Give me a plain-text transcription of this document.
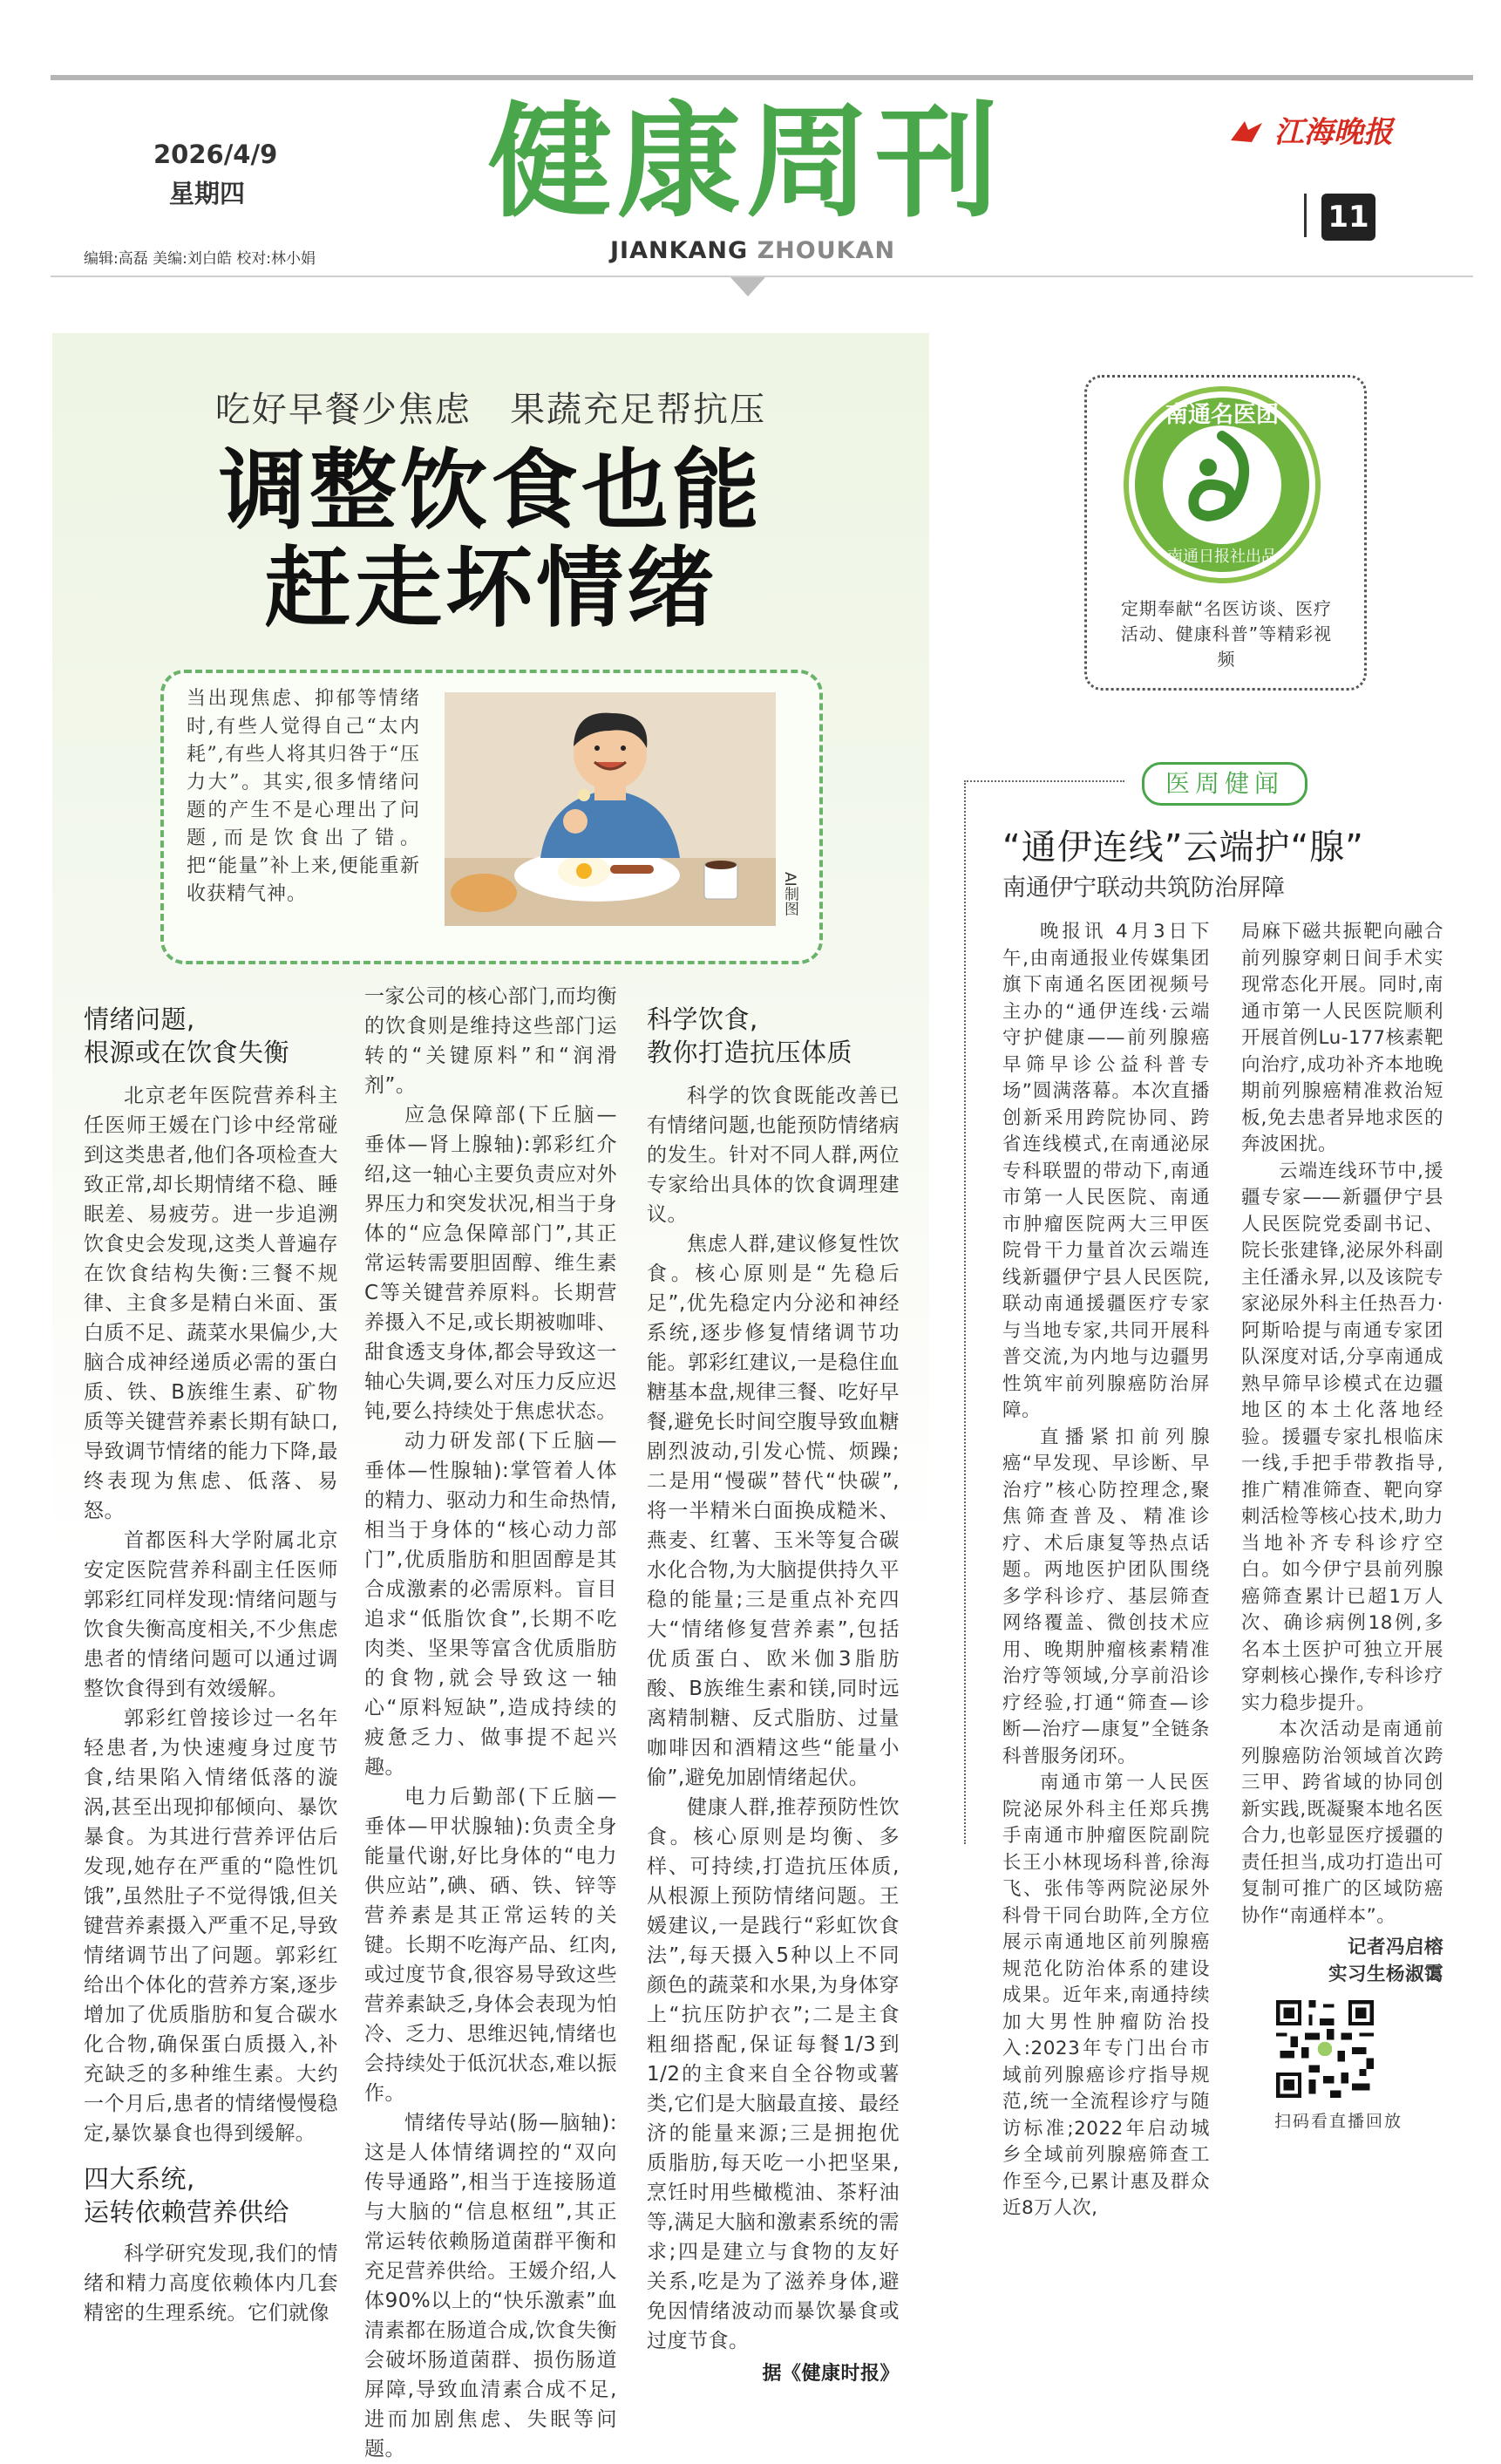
2026/4/9
星期四
编辑:高磊 美编:刘白皓 校对:林小娟
健康周刊
JIANKANG ZHOUKAN
江海晚报
11
吃好早餐少焦虑   果蔬充足帮抗压
调整饮食也能
赶走坏情绪
当出现焦虑、抑郁等情绪时,有些人觉得自己“太内耗”,有些人将其归咎于“压力大”。其实,很多情绪问题的产生不是心理出了问题,而是饮食出了错。把“能量”补上来,便能重新收获精气神。	AI制图
情绪问题,
根源或在饮食失衡

北京老年医院营养科主任医师王媛在门诊中经常碰到这类患者,他们各项检查大致正常,却长期情绪不稳、睡眠差、易疲劳。进一步追溯饮食史会发现,这类人普遍存在饮食结构失衡:三餐不规律、主食多是精白米面、蛋白质不足、蔬菜水果偏少,大脑合成神经递质必需的蛋白质、铁、B族维生素、矿物质等关键营养素长期有缺口,导致调节情绪的能力下降,最终表现为焦虑、低落、易怒。

首都医科大学附属北京安定医院营养科副主任医师郭彩红同样发现:情绪问题与饮食失衡高度相关,不少焦虑患者的情绪问题可以通过调整饮食得到有效缓解。

郭彩红曾接诊过一名年轻患者,为快速瘦身过度节食,结果陷入情绪低落的漩涡,甚至出现抑郁倾向、暴饮暴食。为其进行营养评估后发现,她存在严重的“隐性饥饿”,虽然肚子不觉得饿,但关键营养素摄入严重不足,导致情绪调节出了问题。郭彩红给出个体化的营养方案,逐步增加了优质脂肪和复合碳水化合物,确保蛋白质摄入,补充缺乏的多种维生素。大约一个月后,患者的情绪慢慢稳定,暴饮暴食也得到缓解。

四大系统,
运转依赖营养供给

科学研究发现,我们的情绪和精力高度依赖体内几套精密的生理系统。它们就像

一家公司的核心部门,而均衡的饮食则是维持这些部门运转的“关键原料”和“润滑剂”。

应急保障部(下丘脑—垂体—肾上腺轴):郭彩红介绍,这一轴心主要负责应对外界压力和突发状况,相当于身体的“应急保障部门”,其正常运转需要胆固醇、维生素C等关键营养原料。长期营养摄入不足,或长期被咖啡、甜食透支身体,都会导致这一轴心失调,要么对压力反应迟钝,要么持续处于焦虑状态。

动力研发部(下丘脑—垂体—性腺轴):掌管着人体的精力、驱动力和生命热情,相当于身体的“核心动力部门”,优质脂肪和胆固醇是其合成激素的必需原料。盲目追求“低脂饮食”,长期不吃肉类、坚果等富含优质脂肪的食物,就会导致这一轴心“原料短缺”,造成持续的疲惫乏力、做事提不起兴趣。

电力后勤部(下丘脑—垂体—甲状腺轴):负责全身能量代谢,好比身体的“电力供应站”,碘、硒、铁、锌等营养素是其正常运转的关键。长期不吃海产品、红肉,或过度节食,很容易导致这些营养素缺乏,身体会表现为怕冷、乏力、思维迟钝,情绪也会持续处于低沉状态,难以振作。

情绪传导站(肠—脑轴):这是人体情绪调控的“双向传导通路”,相当于连接肠道与大脑的“信息枢纽”,其正常运转依赖肠道菌群平衡和充足营养供给。王媛介绍,人体90%以上的“快乐激素”血清素都在肠道合成,饮食失衡会破坏肠道菌群、损伤肠道屏障,导致血清素合成不足,进而加剧焦虑、失眠等问题。

科学饮食,
教你打造抗压体质

科学的饮食既能改善已有情绪问题,也能预防情绪病的发生。针对不同人群,两位专家给出具体的饮食调理建议。

焦虑人群,建议修复性饮食。核心原则是“先稳后足”,优先稳定内分泌和神经系统,逐步修复情绪调节功能。郭彩红建议,一是稳住血糖基本盘,规律三餐、吃好早餐,避免长时间空腹导致血糖剧烈波动,引发心慌、烦躁;二是用“慢碳”替代“快碳”,将一半精米白面换成糙米、燕麦、红薯、玉米等复合碳水化合物,为大脑提供持久平稳的能量;三是重点补充四大“情绪修复营养素”,包括优质蛋白、欧米伽3脂肪酸、B族维生素和镁,同时远离精制糖、反式脂肪、过量咖啡因和酒精这些“能量小偷”,避免加剧情绪起伏。

健康人群,推荐预防性饮食。核心原则是均衡、多样、可持续,打造抗压体质,从根源上预防情绪问题。王媛建议,一是践行“彩虹饮食法”,每天摄入5种以上不同颜色的蔬菜和水果,为身体穿上“抗压防护衣”;二是主食粗细搭配,保证每餐1/3到1/2的主食来自全谷物或薯类,它们是大脑最直接、最经济的能量来源;三是拥抱优质脂肪,每天吃一小把坚果,烹饪时用些橄榄油、茶籽油等,满足大脑和激素系统的需求;四是建立与食物的友好关系,吃是为了滋养身体,避免因情绪波动而暴饮暴食或过度节食。

据《健康时报》
南通名医团
南通日报社出品
定期奉献“名医访谈、医疗活动、健康科普”等精彩视频
医周健闻
“通伊连线”云端护“腺”
南通伊宁联动共筑防治屏障

晚报讯 4月3日下午,由南通报业传媒集团旗下南通名医团视频号主办的“通伊连线·云端守护健康——前列腺癌早筛早诊公益科普专场”圆满落幕。本次直播创新采用跨院协同、跨省连线模式,在南通泌尿专科联盟的带动下,南通市第一人民医院、南通市肿瘤医院两大三甲医院骨干力量首次云端连线新疆伊宁县人民医院,联动南通援疆医疗专家与当地专家,共同开展科普交流,为内地与边疆男性筑牢前列腺癌防治屏障。

直播紧扣前列腺癌“早发现、早诊断、早治疗”核心防控理念,聚焦筛查普及、精准诊疗、术后康复等热点话题。两地医护团队围绕多学科诊疗、基层筛查网络覆盖、微创技术应用、晚期肿瘤核素精准治疗等领域,分享前沿诊疗经验,打通“筛查—诊断—治疗—康复”全链条科普服务闭环。

南通市第一人民医院泌尿外科主任郑兵携手南通市肿瘤医院副院长王小林现场科普,徐海飞、张伟等两院泌尿外科骨干同台助阵,全方位展示南通地区前列腺癌规范化防治体系的建设成果。近年来,南通持续加大男性肿瘤防治投入:2023年专门出台市域前列腺癌诊疗指导规范,统一全流程诊疗与随访标准;2022年启动城乡全域前列腺癌筛查工作至今,已累计惠及群众近8万人次,

局麻下磁共振靶向融合前列腺穿刺日间手术实现常态化开展。同时,南通市第一人民医院顺利开展首例Lu-177核素靶向治疗,成功补齐本地晚期前列腺癌精准救治短板,免去患者异地求医的奔波困扰。

云端连线环节中,援疆专家——新疆伊宁县人民医院党委副书记、院长张建锋,泌尿外科副主任潘永昇,以及该院专家泌尿外科主任热吾力·阿斯哈提与南通专家团队深度对话,分享南通成熟早筛早诊模式在边疆地区的本土化落地经验。援疆专家扎根临床一线,手把手带教指导,推广精准筛查、靶向穿刺活检等核心技术,助力当地补齐专科诊疗空白。如今伊宁县前列腺癌筛查累计已超1万人次、确诊病例18例,多名本土医护可独立开展穿刺核心操作,专科诊疗实力稳步提升。

本次活动是南通前列腺癌防治领域首次跨三甲、跨省域的协同创新实践,既凝聚本地名医合力,也彰显医疗援疆的责任担当,成功打造出可复制可推广的区域防癌协作“南通样本”。

记者冯启榕
实习生杨淑霭
扫码看直播回放
